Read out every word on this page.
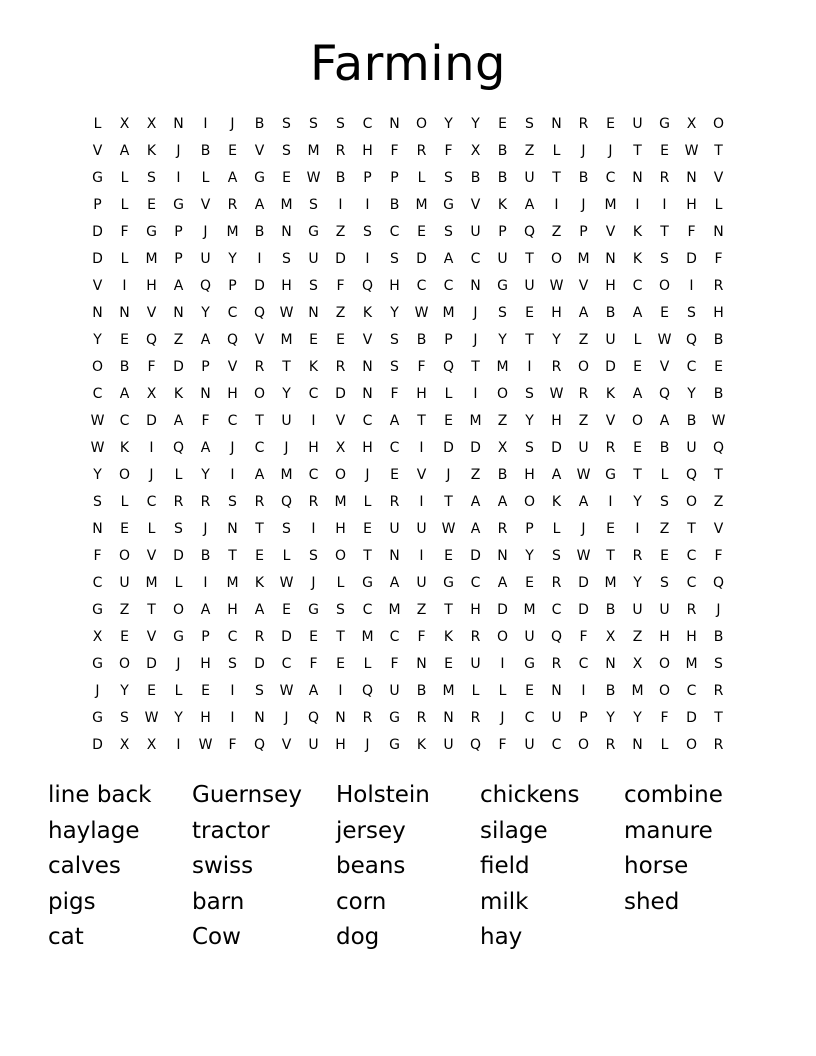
Farming
L	X	X	N	I	J	B	S	S	S	C	N	O	Y	Y	E	S	N	R	E	U	G	X	O
V	A	K	J	B	E	V	S	M	R	H	F	R	F	X	B	Z	L	J	J	T	E	W	T
G	L	S	I	L	A	G	E	W	B	P	P	L	S	B	B	U	T	B	C	N	R	N	V
P	L	E	G	V	R	A	M	S	I	I	B	M	G	V	K	A	I	J	M	I	I	H	L
D	F	G	P	J	M	B	N	G	Z	S	C	E	S	U	P	Q	Z	P	V	K	T	F	N
D	L	M	P	U	Y	I	S	U	D	I	S	D	A	C	U	T	O	M	N	K	S	D	F
V	I	H	A	Q	P	D	H	S	F	Q	H	C	C	N	G	U	W	V	H	C	O	I	R
N	N	V	N	Y	C	Q	W	N	Z	K	Y	W	M	J	S	E	H	A	B	A	E	S	H
Y	E	Q	Z	A	Q	V	M	E	E	V	S	B	P	J	Y	T	Y	Z	U	L	W	Q	B
O	B	F	D	P	V	R	T	K	R	N	S	F	Q	T	M	I	R	O	D	E	V	C	E
C	A	X	K	N	H	O	Y	C	D	N	F	H	L	I	O	S	W	R	K	A	Q	Y	B
W	C	D	A	F	C	T	U	I	V	C	A	T	E	M	Z	Y	H	Z	V	O	A	B	W
W	K	I	Q	A	J	C	J	H	X	H	C	I	D	D	X	S	D	U	R	E	B	U	Q
Y	O	J	L	Y	I	A	M	C	O	J	E	V	J	Z	B	H	A	W	G	T	L	Q	T
S	L	C	R	R	S	R	Q	R	M	L	R	I	T	A	A	O	K	A	I	Y	S	O	Z
N	E	L	S	J	N	T	S	I	H	E	U	U	W	A	R	P	L	J	E	I	Z	T	V
F	O	V	D	B	T	E	L	S	O	T	N	I	E	D	N	Y	S	W	T	R	E	C	F
C	U	M	L	I	M	K	W	J	L	G	A	U	G	C	A	E	R	D	M	Y	S	C	Q
G	Z	T	O	A	H	A	E	G	S	C	M	Z	T	H	D	M	C	D	B	U	U	R	J
X	E	V	G	P	C	R	D	E	T	M	C	F	K	R	O	U	Q	F	X	Z	H	H	B
G	O	D	J	H	S	D	C	F	E	L	F	N	E	U	I	G	R	C	N	X	O	M	S
J	Y	E	L	E	I	S	W	A	I	Q	U	B	M	L	L	E	N	I	B	M	O	C	R
G	S	W	Y	H	I	N	J	Q	N	R	G	R	N	R	J	C	U	P	Y	Y	F	D	T
D	X	X	I	W	F	Q	V	U	H	J	G	K	U	Q	F	U	C	O	R	N	L	O	R
line back	Guernsey	Holstein	chickens	combine
haylage	tractor	jersey	silage	manure
calves	swiss	beans	field	horse
pigs	barn	corn	milk	shed
cat	Cow	dog	hay
